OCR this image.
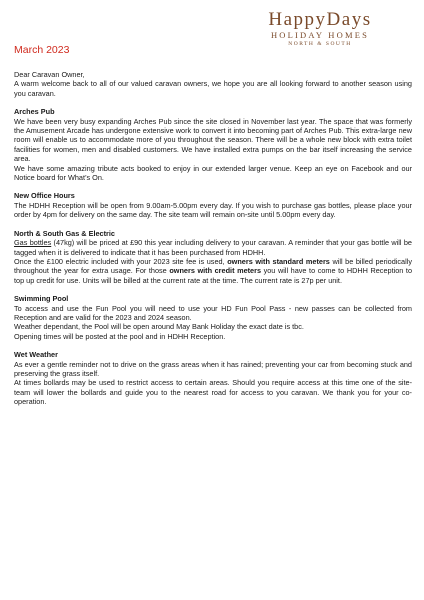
HappyDays
HOLIDAY HOMES
NORTH & SOUTH
March 2023

Dear Caravan Owner,

A warm welcome back to all of our valued caravan owners, we hope you are all looking forward to another season using you caravan.

Arches Pub

We have been very busy expanding Arches Pub since the site closed in November last year. The space that was formerly the Amusement Arcade has undergone extensive work to convert it into becoming part of Arches Pub. This extra-large new room will enable us to accommodate more of you throughout the season. There will be a whole new block with extra toilet facilities for women, men and disabled customers. We have installed extra pumps on the bar itself increasing the service area.

We have some amazing tribute acts booked to enjoy in our extended larger venue. Keep an eye on Facebook and our Notice board for What’s On.

New Office Hours

The HDHH Reception will be open from 9.00am-5.00pm every day. If you wish to purchase gas bottles, please place your order by 4pm for delivery on the same day. The site team will remain on-site until 5.00pm every day.

North & South Gas & Electric

Gas bottles (47kg) will be priced at £90 this year including delivery to your caravan. A reminder that your gas bottle will be tagged when it is delivered to indicate that it has been purchased from HDHH.

Once the £100 electric included with your 2023 site fee is used, owners with standard meters will be billed periodically throughout the year for extra usage. For those owners with credit meters you will have to come to HDHH Reception to top up credit for use. Units will be billed at the current rate at the time. The current rate is 27p per unit.

Swimming Pool

To access and use the Fun Pool you will need to use your HD Fun Pool Pass - new passes can be collected from Reception and are valid for the 2023 and 2024 season.

Weather dependant, the Pool will be open around May Bank Holiday the exact date is tbc.

Opening times will be posted at the pool and in HDHH Reception.

Wet Weather

As ever a gentle reminder not to drive on the grass areas when it has rained; preventing your car from becoming stuck and preserving the grass itself.

At times bollards may be used to restrict access to certain areas. Should you require access at this time one of the site-team will lower the bollards and guide you to the nearest road for access to you caravan. We thank you for your co-operation.
